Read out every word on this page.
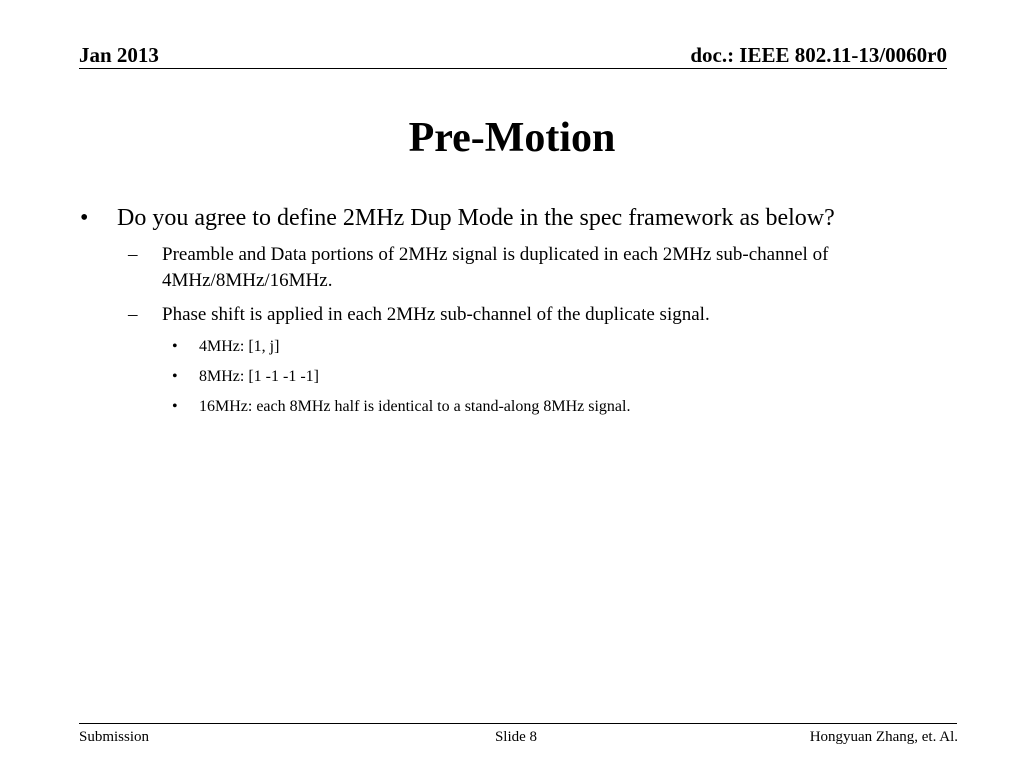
Jan 2013	doc.: IEEE 802.11-13/0060r0
Pre-Motion
• Do you agree to define 2MHz Dup Mode in the spec framework as below?
– Preamble and Data portions of 2MHz signal is duplicated in each 2MHz sub-channel of 4MHz/8MHz/16MHz.
– Phase shift is applied in each 2MHz sub-channel of the duplicate signal.
• 4MHz: [1, j]
• 8MHz: [1 -1 -1 -1]
• 16MHz: each 8MHz half is identical to a stand-along 8MHz signal.
Submission	Slide 8	Hongyuan Zhang, et. Al.
